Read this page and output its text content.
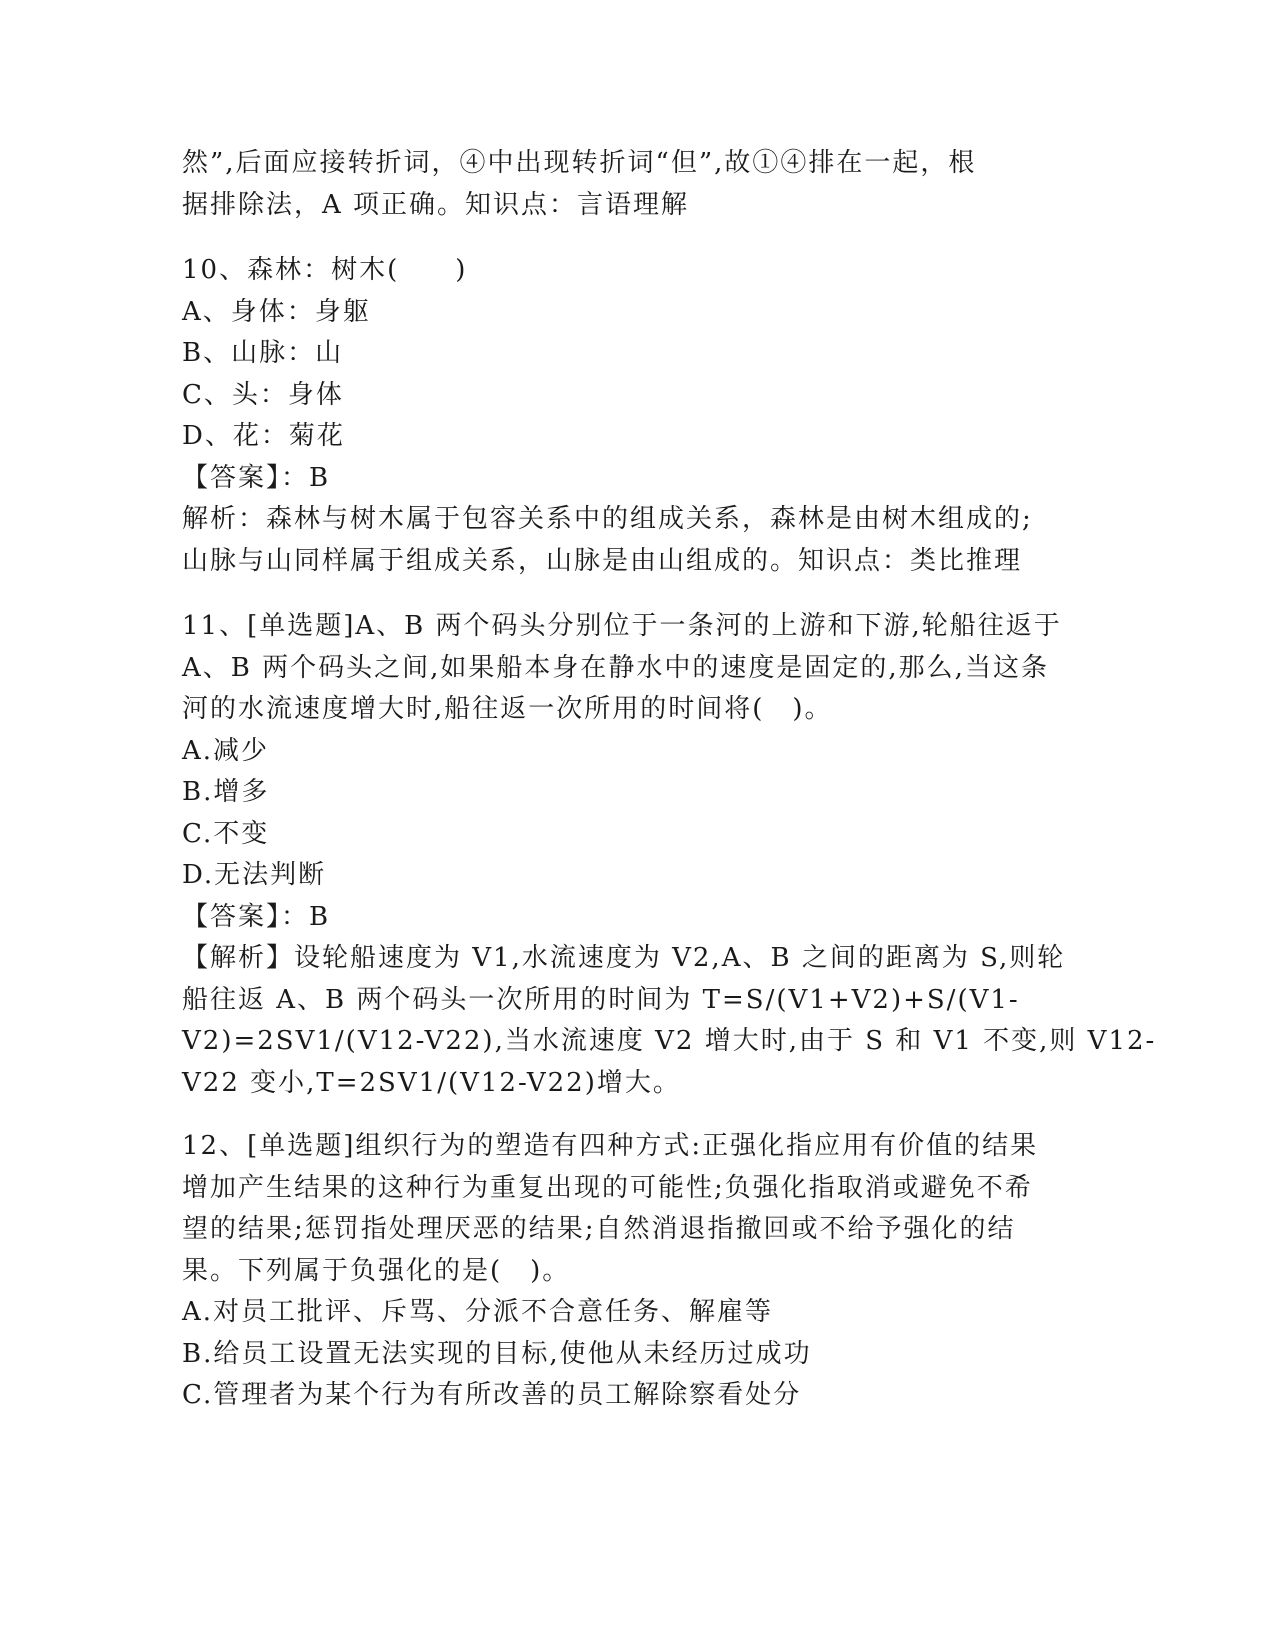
然”,后面应接转折词，④中出现转折词“但”,故①④排在一起，根
据排除法，A 项正确。知识点：言语理解
10、森林：树木(　　)
A、身体：身躯
B、山脉：山
C、头：身体
D、花：菊花
【答案】：B
解析：森林与树木属于包容关系中的组成关系，森林是由树木组成的;
山脉与山同样属于组成关系，山脉是由山组成的。知识点：类比推理
11、[单选题]A、B 两个码头分别位于一条河的上游和下游,轮船往返于
A、B 两个码头之间,如果船本身在静水中的速度是固定的,那么,当这条
河的水流速度增大时,船往返一次所用的时间将(　)。
A.减少
B.增多
C.不变
D.无法判断
【答案】：B
【解析】设轮船速度为 V1,水流速度为 V2,A、B 之间的距离为 S,则轮
船往返 A、B 两个码头一次所用的时间为 T=S/(V1+V2)+S/(V1-
V2)=2SV1/(V12-V22),当水流速度 V2 增大时,由于 S 和 V1 不变,则 V12-
V22 变小,T=2SV1/(V12-V22)增大。
12、[单选题]组织行为的塑造有四种方式:正强化指应用有价值的结果
增加产生结果的这种行为重复出现的可能性;负强化指取消或避免不希
望的结果;惩罚指处理厌恶的结果;自然消退指撤回或不给予强化的结
果。下列属于负强化的是(　)。
A.对员工批评、斥骂、分派不合意任务、解雇等
B.给员工设置无法实现的目标,使他从未经历过成功
C.管理者为某个行为有所改善的员工解除察看处分
